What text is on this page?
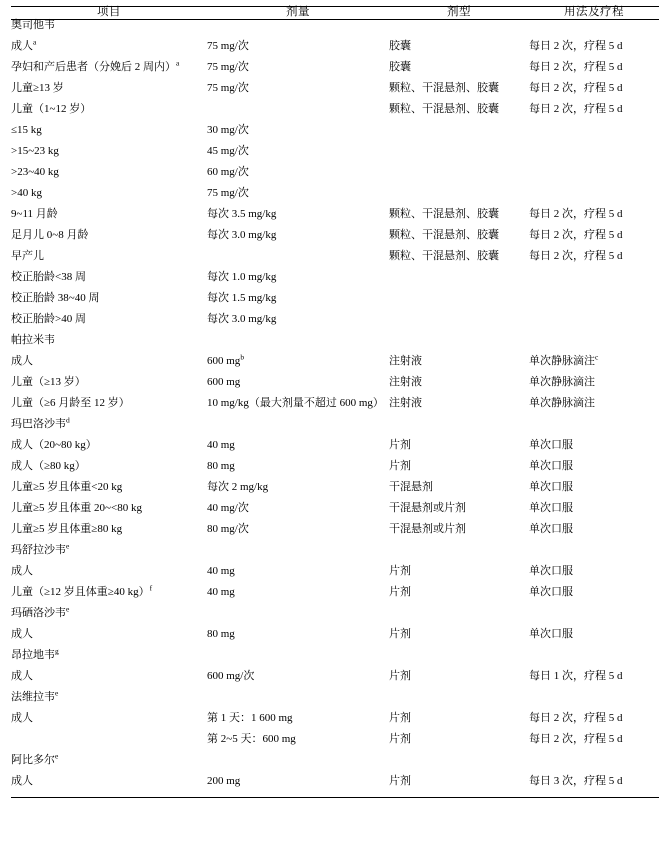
项目	剂量	剂型	用法及疗程
奥司他韦			
成人$^a$	75 mg/次	胶囊	每日 2 次，疗程 5 d
孕妇和产后患者（分娩后 2 周内）$^a$	75 mg/次	胶囊	每日 2 次，疗程 5 d
儿童≥13 岁	75 mg/次	颗粒、干混悬剂、胶囊	每日 2 次，疗程 5 d
儿童（1~12 岁）		颗粒、干混悬剂、胶囊	每日 2 次，疗程 5 d
≤15 kg	30 mg/次		
>15~23 kg	45 mg/次		
>23~40 kg	60 mg/次		
>40 kg	75 mg/次		
9~11 月龄	每次 3.5 mg/kg	颗粒、干混悬剂、胶囊	每日 2 次，疗程 5 d
足月儿 0~8 月龄	每次 3.0 mg/kg	颗粒、干混悬剂、胶囊	每日 2 次，疗程 5 d
早产儿		颗粒、干混悬剂、胶囊	每日 2 次，疗程 5 d
校正胎龄<38 周	每次 1.0 mg/kg		
校正胎龄 38~40 周	每次 1.5 mg/kg		
校正胎龄>40 周	每次 3.0 mg/kg		
帕拉米韦			
成人	600 $mg^b$	注射液	单次静脉滴注$^c$
儿童（≥13 岁）	600 mg	注射液	单次静脉滴注
儿童（≥6 月龄至 12 岁）	10 mg/kg（最大剂量不超过 600 mg）	注射液	单次静脉滴注
玛巴洛沙韦$^d$			
成人（20~80 kg）	40 mg	片剂	单次口服
成人（≥80 kg）	80 mg	片剂	单次口服
儿童≥5 岁且体重<20 kg	每次 2 mg/kg	干混悬剂	单次口服
儿童≥5 岁且体重 20~<80 kg	40 mg/次	干混悬剂或片剂	单次口服
儿童≥5 岁且体重≥80 kg	80 mg/次	干混悬剂或片剂	单次口服
玛舒拉沙韦$^e$			
成人	40 mg	片剂	单次口服
儿童（≥12 岁且体重≥40 kg）$^f$	40 mg	片剂	单次口服
玛硒洛沙韦$^e$			
成人	80 mg	片剂	单次口服
昂拉地韦$^g$			
成人	600 mg/次	片剂	每日 1 次，疗程 5 d
法维拉韦$^e$			
成人	第 1 天：1 600 mg	片剂	每日 2 次，疗程 5 d
	第 2~5 天：600 mg	片剂	每日 2 次，疗程 5 d
阿比多尔$^e$			
成人	200 mg	片剂	每日 3 次，疗程 5 d
